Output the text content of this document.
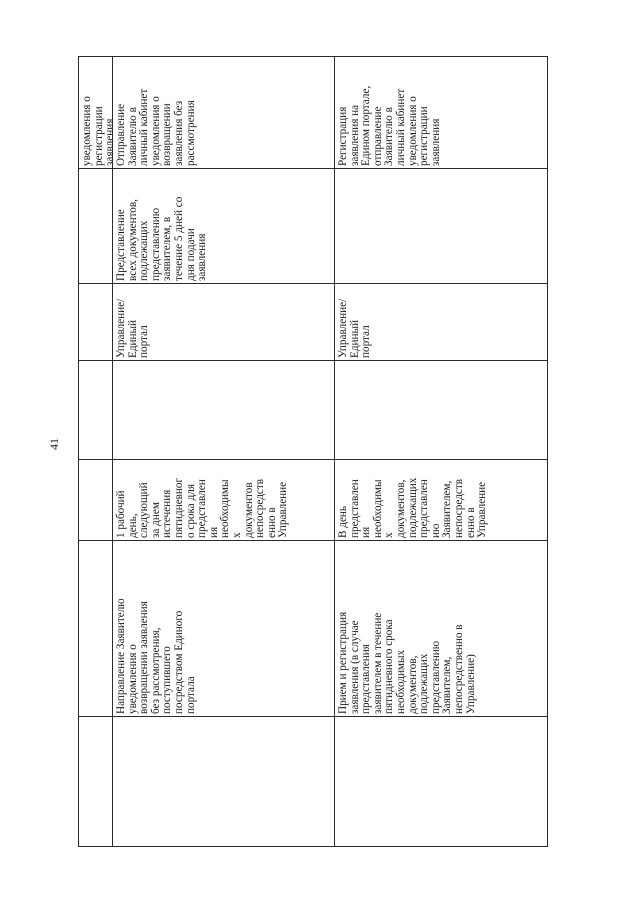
41
уведомления о
регистрации
заявления
Отправление
Заявителю в
личный кабинет
уведомления о
возвращении
заявления без
рассмотрения
Представление
всех документов,
подлежащих
представлению
заявителем, в
течение 5 дней со
дня подачи
заявления
Управление/
Единый
портал
1 рабочий
день,
следующий
за днем
истечения
пятидневног
о срока для
представлен
ия
необходимы
х
документов
непосредств
енно в
Управление
Направление Заявителю
уведомления о
возвращении заявления
без рассмотрения,
поступившего
посредством Единого
портала
Регистрация
заявления на
Едином портале,
отправление
Заявителю в
личный кабинет
уведомления о
регистрации
заявления
Управление/
Единый
портал
В день
представлен
ия
необходимы
х
документов,
подлежащих
представлен
ию
Заявителем,
непосредств
енно в
Управление
Прием и регистрация
заявления (в случае
представления
заявителем в течение
пятидневного срока
необходимых
документов,
подлежащих
представлению
Заявителем,
непосредственно в
Управление)
